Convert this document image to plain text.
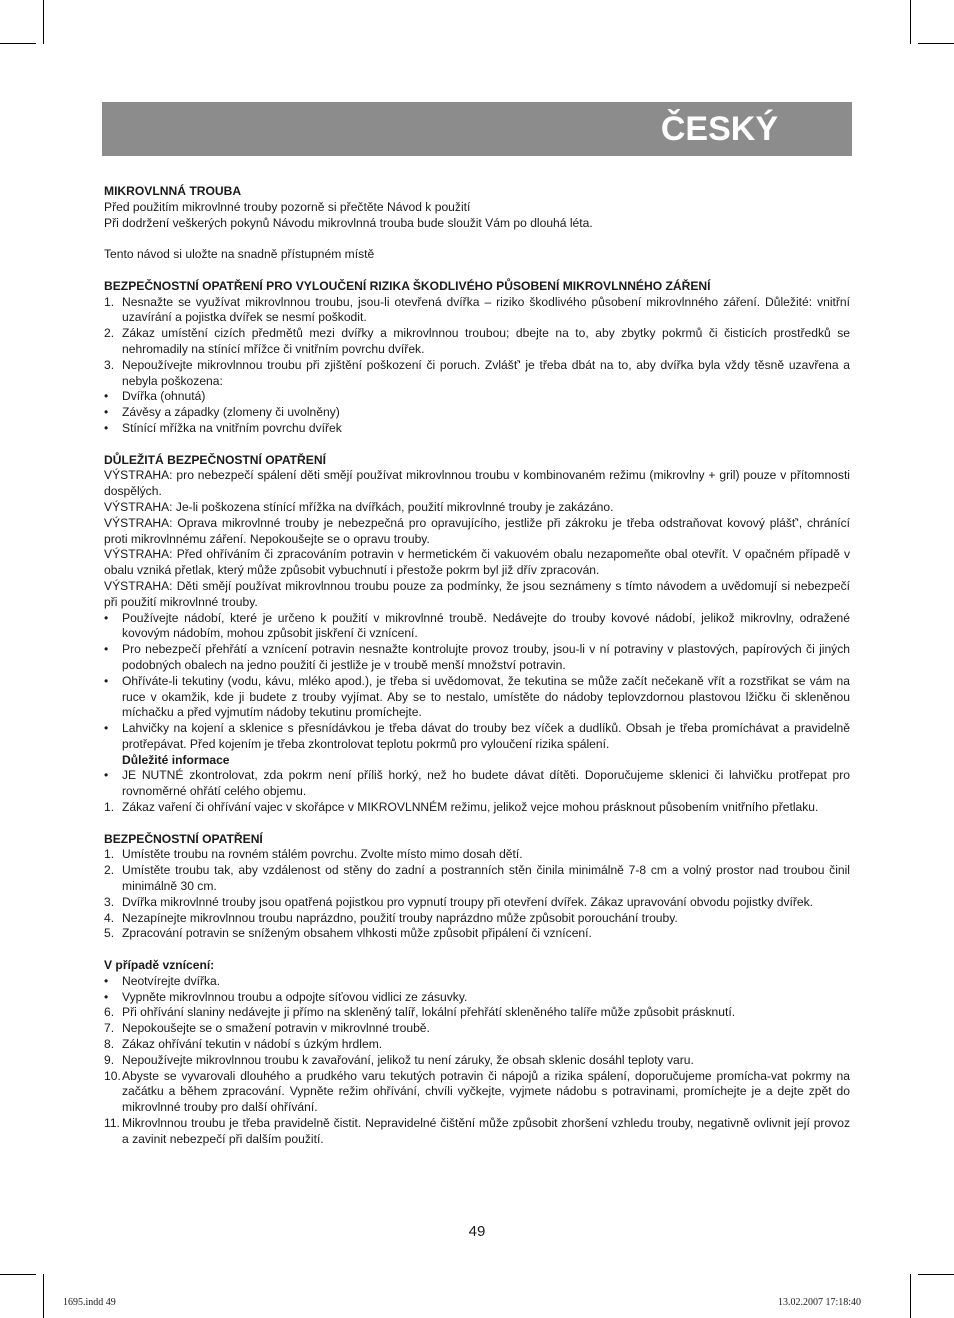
ČESKÝ
MIKROVLNNÁ TROUBA
Před použitím mikrovlnné trouby pozorně si přečtěte Návod k použití
Při dodržení veškerých pokynů Návodu mikrovlnná trouba bude sloužit Vám po dlouhá léta.
Tento návod si uložte na snadně přístupném místě
BEZPEČNOSTNÍ OPATŘENÍ PRO VYLOUČENÍ RIZIKA ŠKODLIVÉHO PŮSOBENÍ MIKROVLNNÉHO ZÁŘENÍ
1. Nesnažte se využívat mikrovlnnou troubu, jsou-li otevřená dvířka – riziko škodlivého působení mikrovlnného záření. Důležité: vnitřní uzavírání a pojistka dvířek se nesmí poškodit.
2. Zákaz umístění cizích předmětů mezi dvířky a mikrovlnnou troubou; dbejte na to, aby zbytky pokrmů či čisticích prostředků se nehromadily na stínící mřížce či vnitřním povrchu dvířek.
3. Nepoužívejte mikrovlnnou troubu při zjištění poškození či poruch. Zvlášť' je třeba dbát na to, aby dvířka byla vždy těsně uzavřena a nebyla poškozena:
•	Dvířka (ohnutá)
•	Závěsy a západky (zlomeny či uvolněny)
•	Stínící mřížka na vnitřním povrchu dvířek
DŮLEŽITÁ BEZPEČNOSTNÍ OPATŘENÍ
VÝSTRAHA: pro nebezpečí spálení děti smějí používat mikrovlnnou troubu v kombinovaném režimu (mikrovlny + gril) pouze v přítomnosti dospělých.
VÝSTRAHA: Je-li poškozena stínící mřížka na dvířkách, použití mikrovlnné trouby je zakázáno.
VÝSTRAHA: Oprava mikrovlnné trouby je nebezpečná pro opravujícího, jestliže při zákroku je třeba odstraňovat kovový plášť', chránící proti mikrovlnnému záření. Nepokoušejte se o opravu trouby.
VÝSTRAHA: Před ohříváním či zpracováním potravin v hermetickém či vakuovém obalu nezapomeňte obal otevřít. V opačném případě v obalu vzniká přetlak, který může způsobit vybuchnutí i přestože pokrm byl již dřív zpracován.
VÝSTRAHA: Děti smějí používat mikrovlnnou troubu pouze za podmínky, že jsou seznámeny s tímto návodem a uvědomují si nebezpečí při použití mikrovlnné trouby.
•	Používejte nádobí, které je určeno k použití v mikrovlnné troubě. Nedávejte do trouby kovové nádobí, jelikož mikrovlny, odražené kovovým nádobím, mohou způsobit jiskření či vznícení.
•	Pro nebezpečí přehřátí a vznícení potravin nesnažte kontrolujte provoz trouby, jsou-li v ní potraviny v plastových, papírových či jiných podobných obalech na jedno použití či jestliže je v troubě menší množství potravin.
•	Ohříváte-li tekutiny (vodu, kávu, mléko apod.), je třeba si uvědomovat, že tekutina se může začít nečekaně vřít a rozstřikat se vám na ruce v okamžik, kde ji budete z trouby vyjímat. Aby se to nestalo, umístěte do nádoby teplovzdornou plastovou lžičku či skleněnou míchačku a před vyjmutím nádoby tekutinu promíchejte.
•	Lahvičky na kojení a sklenice s přesnídávkou je třeba dávat do trouby bez víček a dudlíků. Obsah je třeba promíchávat a pravidelně protřepávat. Před kojením je třeba zkontrolovat teplotu pokrmů pro vyloučení rizika spálení.
Důležité informace
•	JE NUTNÉ zkontrolovat, zda pokrm není příliš horký, než ho budete dávat dítěti. Doporučujeme sklenici či lahvičku protřepat pro rovnoměrné ohřátí celého objemu.
1. Zákaz vaření či ohřívání vajec v skořápce v MIKROVLNNÉM režimu, jelikož vejce mohou prásknout působením vnitřního přetlaku.
BEZPEČNOSTNÍ OPATŘENÍ
1. Umístěte troubu na rovném stálém povrchu. Zvolte místo mimo dosah dětí.
2. Umístěte troubu tak, aby vzdálenost od stěny do zadní a postranních stěn činila minimálně 7-8 cm a volný prostor nad troubou činil minimálně 30 cm.
3. Dvířka mikrovlnné trouby jsou opatřená pojistkou pro vypnutí troupy při otevření dvířek. Zákaz upravování obvodu pojistky dvířek.
4. Nezapínejte mikrovlnnou troubu naprázdno, použití trouby naprázdno může způsobit porouchání trouby.
5. Zpracování potravin se sníženým obsahem vlhkosti může způsobit připálení či vznícení.
V případě vznícení:
•	Neotvírejte dvířka.
•	Vypněte mikrovlnnou troubu a odpojte síťovou vidlici ze zásuvky.
6. Při ohřívání slaniny nedávejte ji přímo na skleněný talíř, lokální přehřátí skleněného talíře může způsobit prásknutí.
7. Nepokoušejte se o smažení potravin v mikrovlnné troubě.
8. Zákaz ohřívání tekutin v nádobí s úzkým hrdlem.
9. Nepoužívejte mikrovlnnou troubu k zavařování, jelikož tu není záruky, že obsah sklenic dosáhl teploty varu.
10. Abyste se vyvarovali dlouhého a prudkého varu tekutých potravin či nápojů a rizika spálení, doporučujeme promícha-vat pokrmy na začátku a během zpracování. Vypněte režim ohřívání, chvíli vyčkejte, vyjmete nádobu s potravinami, promíchejte je a dejte zpět do mikrovlnné trouby pro další ohřívání.
11. Mikrovlnnou troubu je třeba pravidelně čistit. Nepravidelné čištění může způsobit zhoršení vzhledu trouby, negativně ovlivnit její provoz a zavinit nebezpečí při dalším použití.
49
1695.indd 49	13.02.2007 17:18:40
